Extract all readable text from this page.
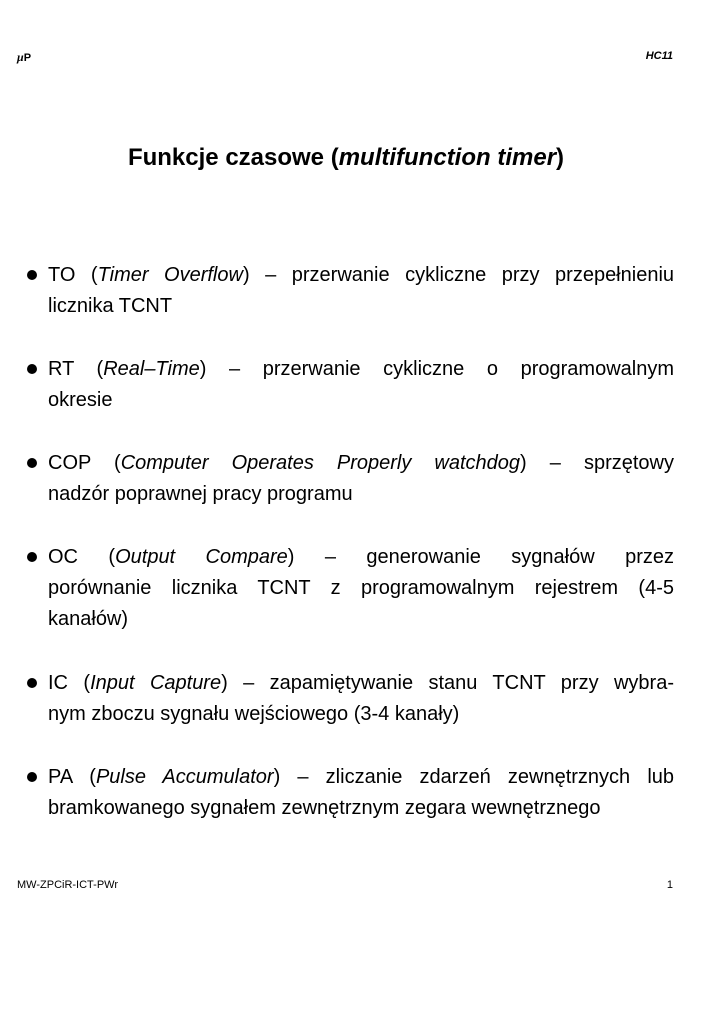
μP	HC11
Funkcje czasowe (multifunction timer)
TO (Timer Overflow) – przerwanie cykliczne przy przepełnieniu
licznika TCNT
RT (Real–Time) – przerwanie cykliczne o programowalnym
okresie
COP (Computer Operates Properly watchdog) – sprzętowy
nadzór poprawnej pracy programu
OC (Output Compare) – generowanie sygnałów przez
porównanie licznika TCNT z programowalnym rejestrem (4-5
kanałów)
IC (Input Capture) – zapamiętywanie stanu TCNT przy wybra-
nym zboczu sygnału wejściowego (3-4 kanały)
PA (Pulse Accumulator) – zliczanie zdarzeń zewnętrznych lub
bramkowanego sygnałem zewnętrznym zegara wewnętrznego
MW-ZPCiR-ICT-PWr	1
